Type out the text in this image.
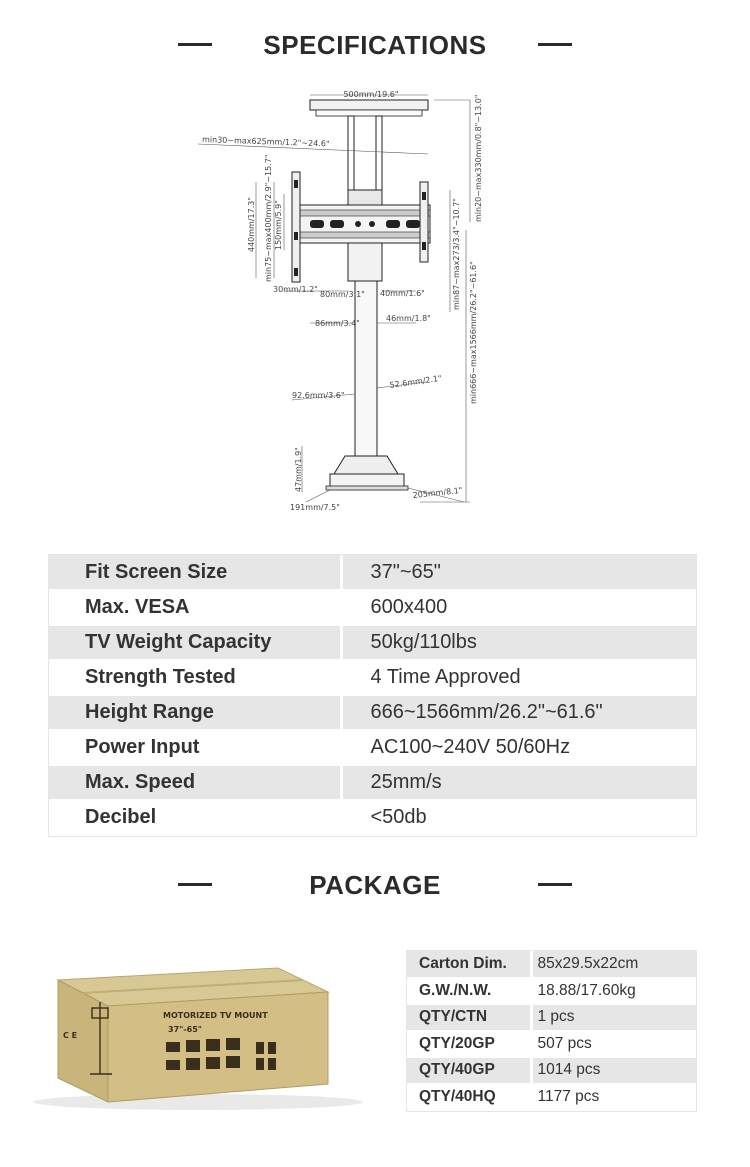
SPECIFICATIONS
500mm/19.6"
min30~max625mm/1.2"~24.6"	min20~max330mm/0.8"~13.0"
440mm/17.3" min75~max400mm/2.9"~15.7" 150mm/5.9"	min87~max273/3.4"~10.7"
min666~max1566mm/26.2"~61.6"
30mm/1.2"
80mm/3.1" 40mm/1.6"
86mm/3.4"
46mm/1.8"
92.6mm/3.6"
52.6mm/2.1"
47mm/1.9"
205mm/8.1"
191mm/7.5"
Fit Screen Size	37"~65"
Max. VESA	600x400
TV Weight Capacity	50kg/110lbs
Strength Tested	4 Time Approved
Height Range	666~1566mm/26.2"~61.6"
Power Input	AC100~240V 50/60Hz
Max. Speed	25mm/s
Decibel	<50db
PACKAGE
C E
MOTORIZED TV MOUNT
37"-65"
Carton Dim.	85x29.5x22cm
G.W./N.W.	18.88/17.60kg
QTY/CTN	1 pcs
QTY/20GP	507 pcs
QTY/40GP	1014 pcs
QTY/40HQ	1177 pcs
